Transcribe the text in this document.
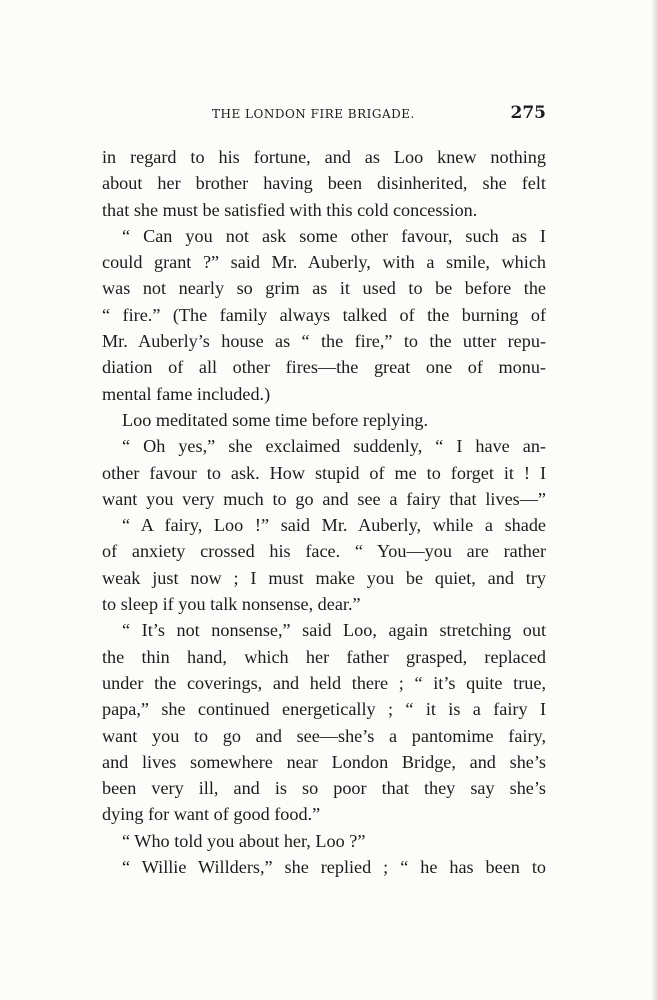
THE LONDON FIRE BRIGADE.	275
in regard to his fortune, and as Loo knew nothing
about her brother having been disinherited, she felt
that she must be satisfied with this cold concession.
“ Can you not ask some other favour, such as I
could grant ?” said Mr. Auberly, with a smile, which
was not nearly so grim as it used to be before the
“ fire.” (The family always talked of the burning of
Mr. Auberly’s house as “ the fire,” to the utter repu-
diation of all other fires—the great one of monu-
mental fame included.)
Loo meditated some time before replying.
“ Oh yes,” she exclaimed suddenly, “ I have an-
other favour to ask. How stupid of me to forget it ! I
want you very much to go and see a fairy that lives—”
“ A fairy, Loo !” said Mr. Auberly, while a shade
of anxiety crossed his face. “ You—you are rather
weak just now ; I must make you be quiet, and try
to sleep if you talk nonsense, dear.”
“ It’s not nonsense,” said Loo, again stretching out
the thin hand, which her father grasped, replaced
under the coverings, and held there ; “ it’s quite true,
papa,” she continued energetically ; “ it is a fairy I
want you to go and see—she’s a pantomime fairy,
and lives somewhere near London Bridge, and she’s
been very ill, and is so poor that they say she’s
dying for want of good food.”
“ Who told you about her, Loo ?”
“ Willie Willders,” she replied ; “ he has been to
